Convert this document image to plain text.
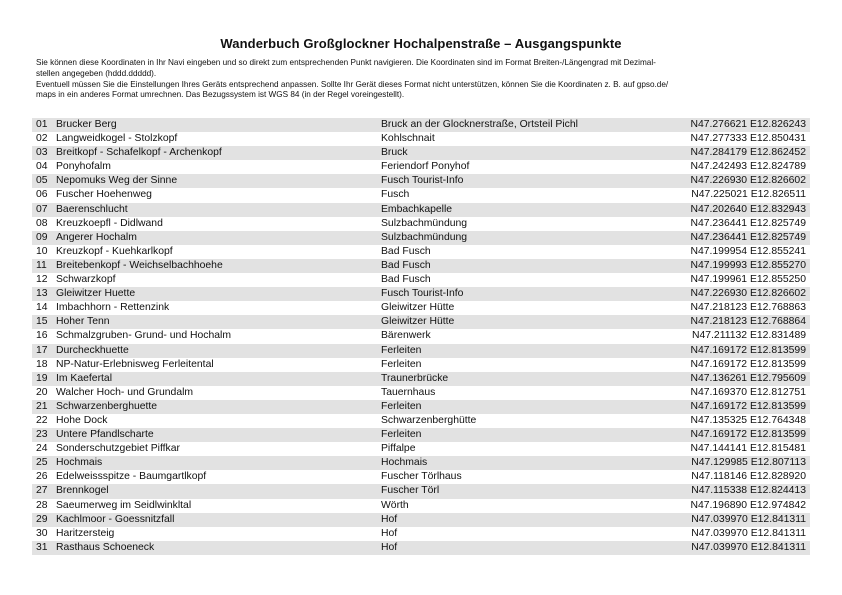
Wanderbuch Großglockner Hochalpenstraße – Ausgangspunkte

Sie können diese Koordinaten in Ihr Navi eingeben und so direkt zum entsprechenden Punkt navigieren. Die Koordinaten sind im Format Breiten-/Längengrad mit Dezimal-

stellen angegeben (hddd.ddddd).

Eventuell müssen Sie die Einstellungen Ihres Geräts entsprechend anpassen. Sollte Ihr Gerät dieses Format nicht unterstützen, können Sie die Koordinaten z. B. auf gpso.de/

maps in ein anderes Format umrechnen. Das Bezugssystem ist WGS 84 (in der Regel voreingestellt).

01 Brucker Berg	Bruck an der Glocknerstraße, Ortsteil Pichl	N47.276621 E12.826243
02 Langweidkogel - Stolzkopf	Kohlschnait	N47.277333 E12.850431
03 Breitkopf - Schafelkopf - Archenkopf	Bruck	N47.284179 E12.862452
04 Ponyhofalm	Feriendorf Ponyhof	N47.242493 E12.824789
05 Nepomuks Weg der Sinne	Fusch Tourist-Info	N47.226930 E12.826602
06 Fuscher Hoehenweg	Fusch	N47.225021 E12.826511
07 Baerenschlucht	Embachkapelle	N47.202640 E12.832943
08 Kreuzkoepfl - Didlwand	Sulzbachmündung	N47.236441 E12.825749
09 Angerer Hochalm	Sulzbachmündung	N47.236441 E12.825749
10 Kreuzkopf - Kuehkarlkopf	Bad Fusch	N47.199954 E12.855241
11 Breitebenkopf - Weichselbachhoehe	Bad Fusch	N47.199993 E12.855270
12 Schwarzkopf	Bad Fusch	N47.199961 E12.855250
13 Gleiwitzer Huette	Fusch Tourist-Info	N47.226930 E12.826602
14 Imbachhorn - Rettenzink	Gleiwitzer Hütte	N47.218123 E12.768863
15 Hoher Tenn	Gleiwitzer Hütte	N47.218123 E12.768864
16 Schmalzgruben- Grund- und Hochalm	Bärenwerk	N47.211132 E12.831489
17 Durcheckhuette	Ferleiten	N47.169172 E12.813599
18 NP-Natur-Erlebnisweg Ferleitental	Ferleiten	N47.169172 E12.813599
19 Im Kaefertal	Traunerbrücke	N47.136261 E12.795609
20 Walcher Hoch- und Grundalm	Tauernhaus	N47.169370 E12.812751
21 Schwarzenberghuette	Ferleiten	N47.169172 E12.813599
22 Hohe Dock	Schwarzenberghütte	N47.135325 E12.764348
23 Untere Pfandlscharte	Ferleiten	N47.169172 E12.813599
24 Sonderschutzgebiet Piffkar	Piffalpe	N47.144141 E12.815481
25 Hochmais	Hochmais	N47.129985 E12.807113
26 Edelweissspitze - Baumgartlkopf	Fuscher Törlhaus	N47.118146 E12.828920
27 Brennkogel	Fuscher Törl	N47.115338 E12.824413
28 Saeumerweg im Seidlwinkltal	Wörth	N47.196890 E12.974842
29 Kachlmoor - Goessnitzfall	Hof	N47.039970 E12.841311
30 Haritzersteig	Hof	N47.039970 E12.841311
31 Rasthaus Schoeneck	Hof	N47.039970 E12.841311
